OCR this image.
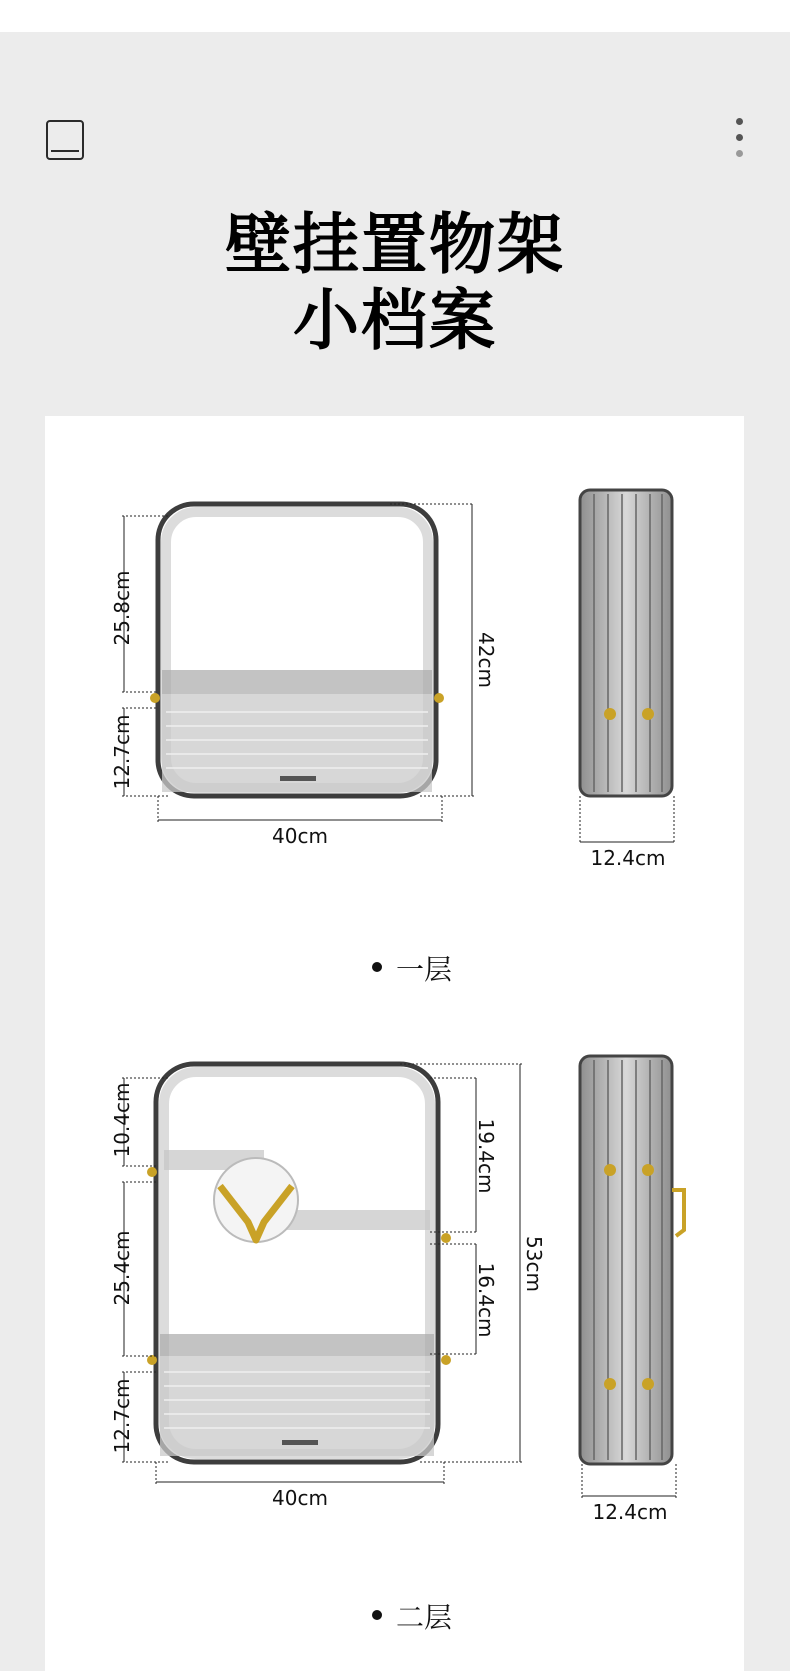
壁挂置物架
小档案
25.8cm
12.7cm
42cm
40cm
12.4cm
一层
10.4cm
25.4cm
12.7cm
19.4cm
16.4cm 53cm
40cm
12.4cm
二层
